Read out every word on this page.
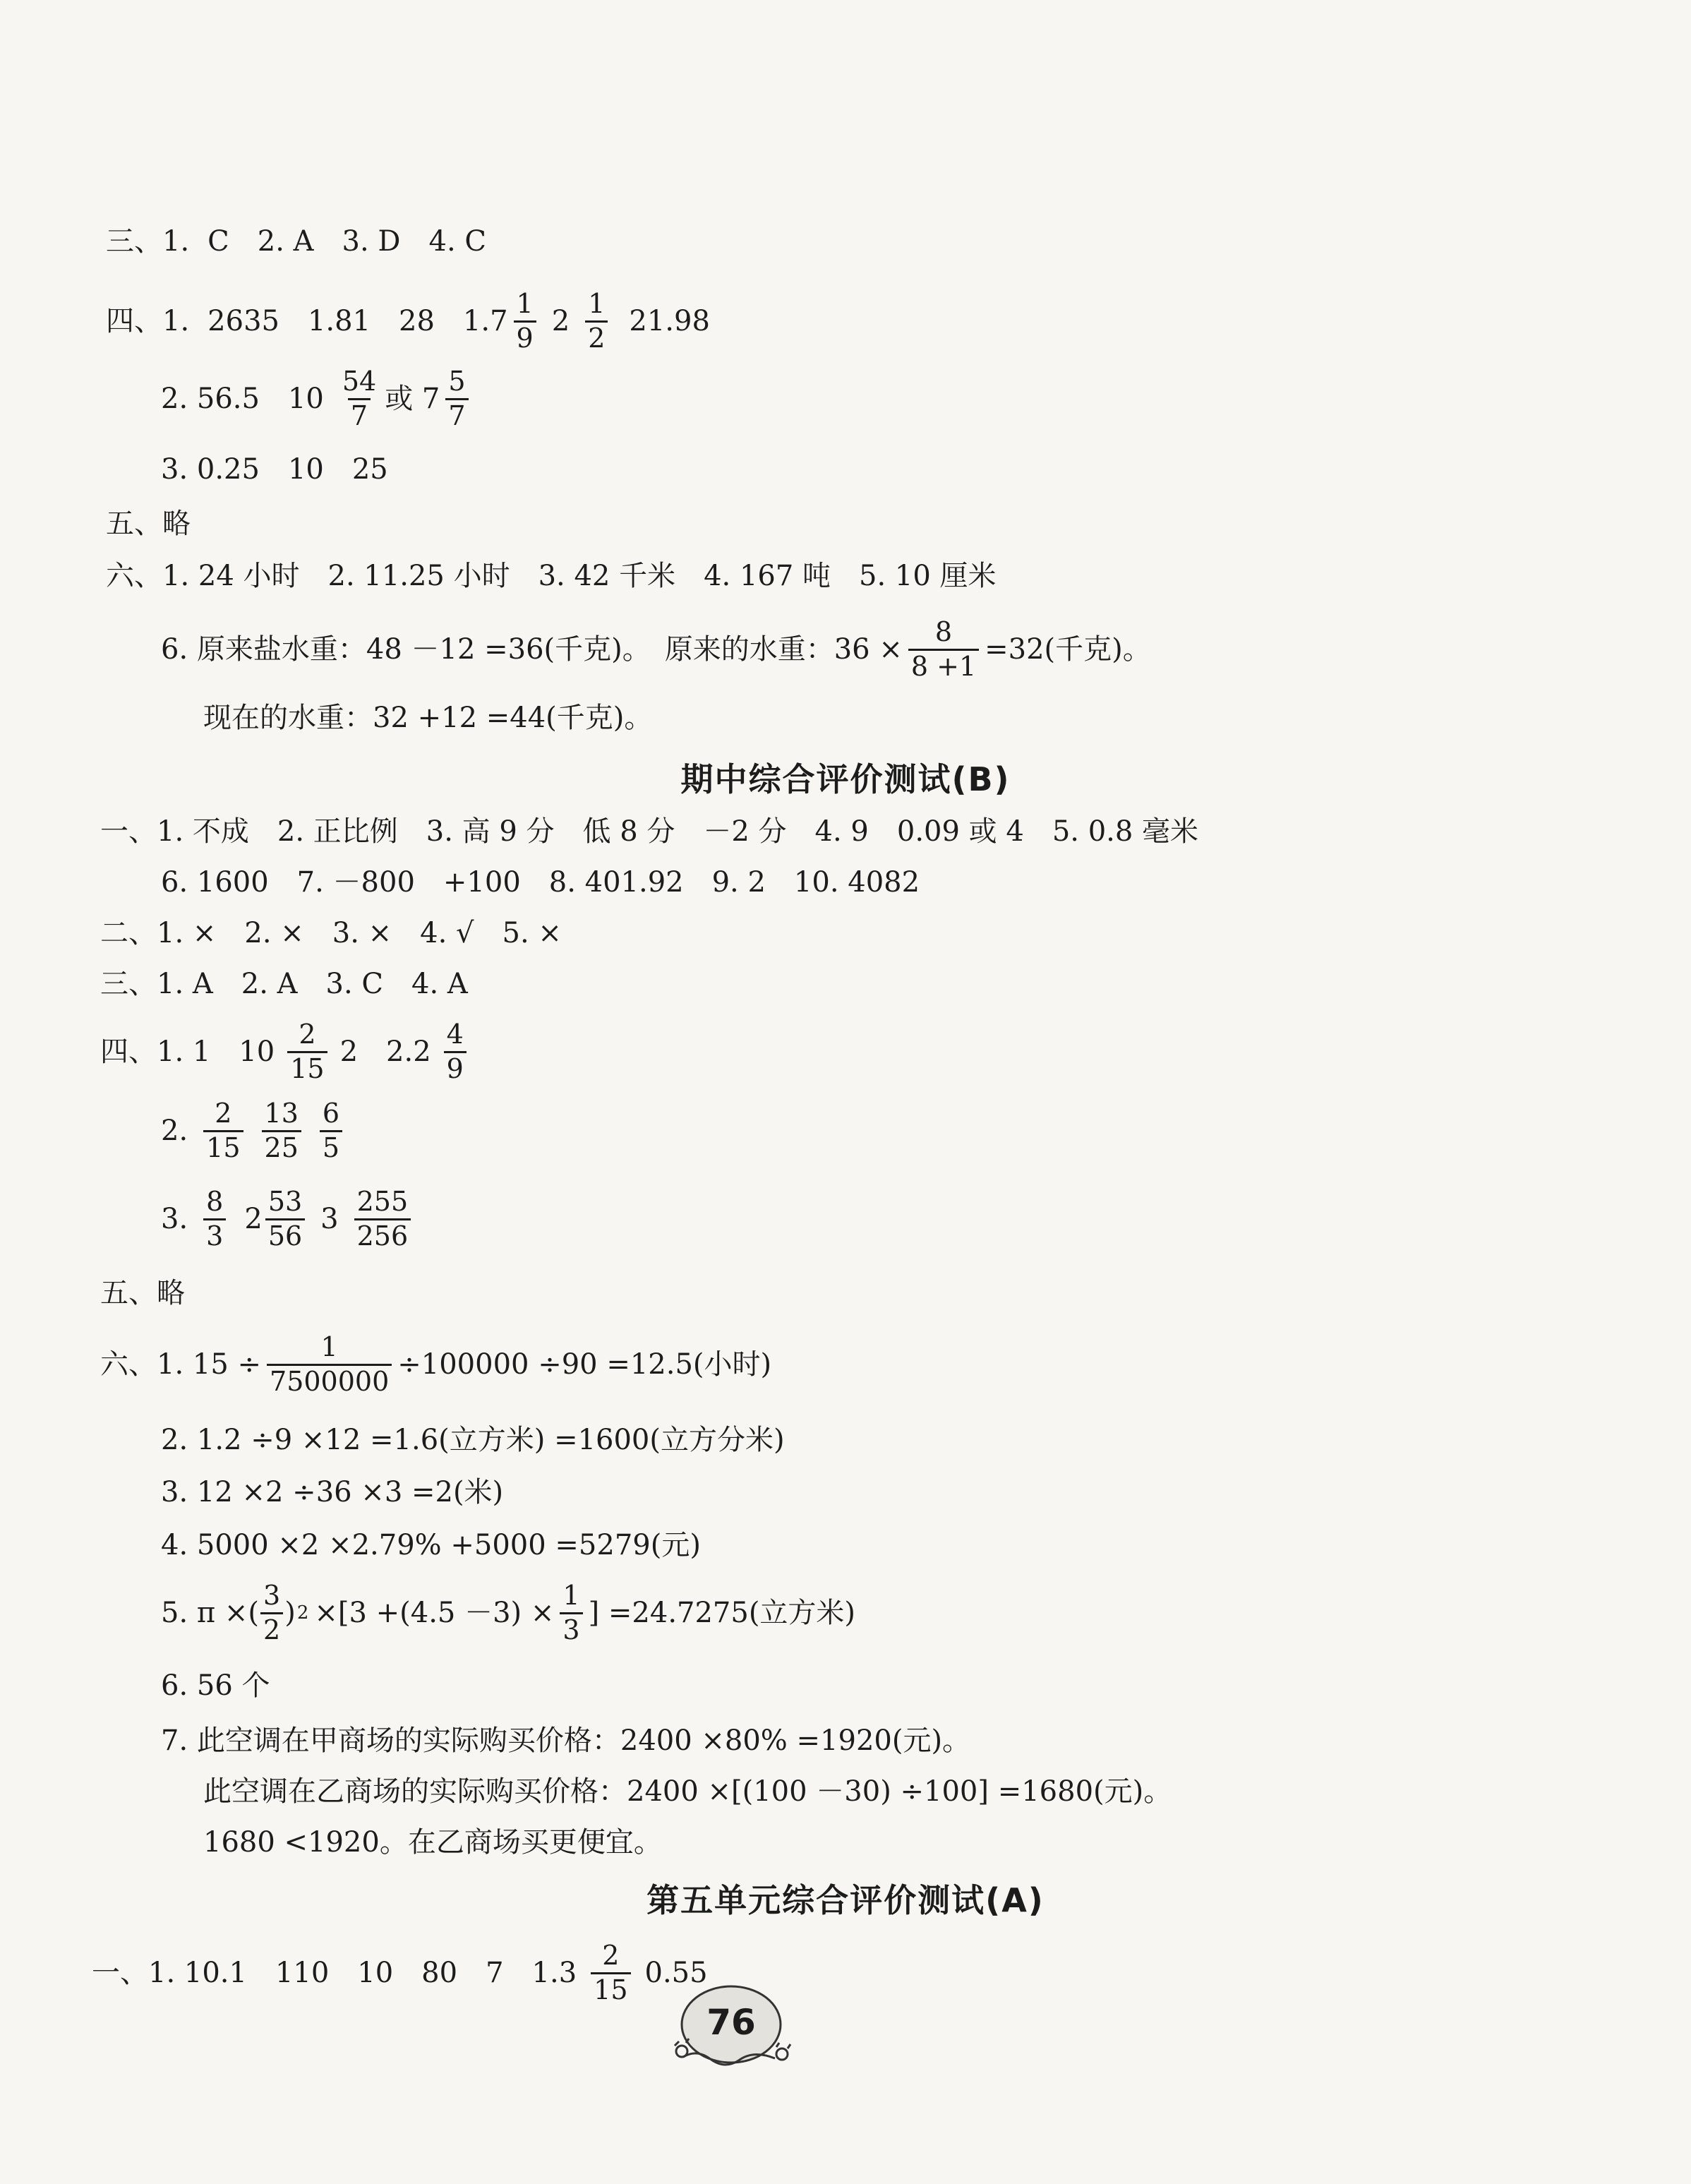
三、1. C　2. A　3. D　4. C
四、1. 2635　1.81　28　$1.7 \frac{1}{9} 2 \frac{1}{2} 21.98$
2. 56.5　$10 \frac{54}{7}$ 或 $7 \frac{5}{7}$
3. 0.25　10　25
五、略
六、1. 24 小时　2. 11.25 小时　3. 42 千米　4. 167 吨　5. 10 厘米
6. 原来盐水重：48 －12 =36(千克)。　原来的水重：$36 \times \frac{8}{8 +1} =32$(千克)。
现在的水重：32 +12 =44(千克)。
期中综合评价测试(B)
一、1. 不成　2. 正比例　3. 高 9 分　低 8 分　－2 分　4. 9　0.09 或 4　5. 0.8 毫米
6. 1600　7. －800　+100　8. 401.92　9. 2　10. 4082
二、1. ×　2. ×　3. ×　4. √　5. ×
三、1. A　2. A　3. C　4. A
四、1. 1　$10 \frac{2}{15} 2$　$2.2 \frac{4}{9}$
2. $\frac{2}{15} \frac{13}{25} \frac{6}{5}$
3. $\frac{8}{3} 2 \frac{53}{56} 3 \frac{255}{256}$
五、略
六、1. $15 \div \frac{1}{7500000} \div 100000 \div 90 =12.5$(小时)
2. 1.2 ÷9 ×12 =1.6(立方米) =1600(立方分米)
3. 12 ×2 ÷36 ×3 =2(米)
4. 5000 ×2 ×2.79% +5000 =5279(元)
5. π ×( $\frac{3}{2}$ ) $2 \times[3 +(4.5 -3) \times \frac{1}{3}$ ] =24.7275(立方米)
6. 56 个
7. 此空调在甲商场的实际购买价格：2400 ×80% =1920(元)。
此空调在乙商场的实际购买价格：2400 ×[(100 －30) ÷100] =1680(元)。
1680 <1920。在乙商场买更便宜。
第五单元综合评价测试(A)
一、1. 10.1　110　10　80　7　$1.3 \frac{2}{15} 0.55$
76
